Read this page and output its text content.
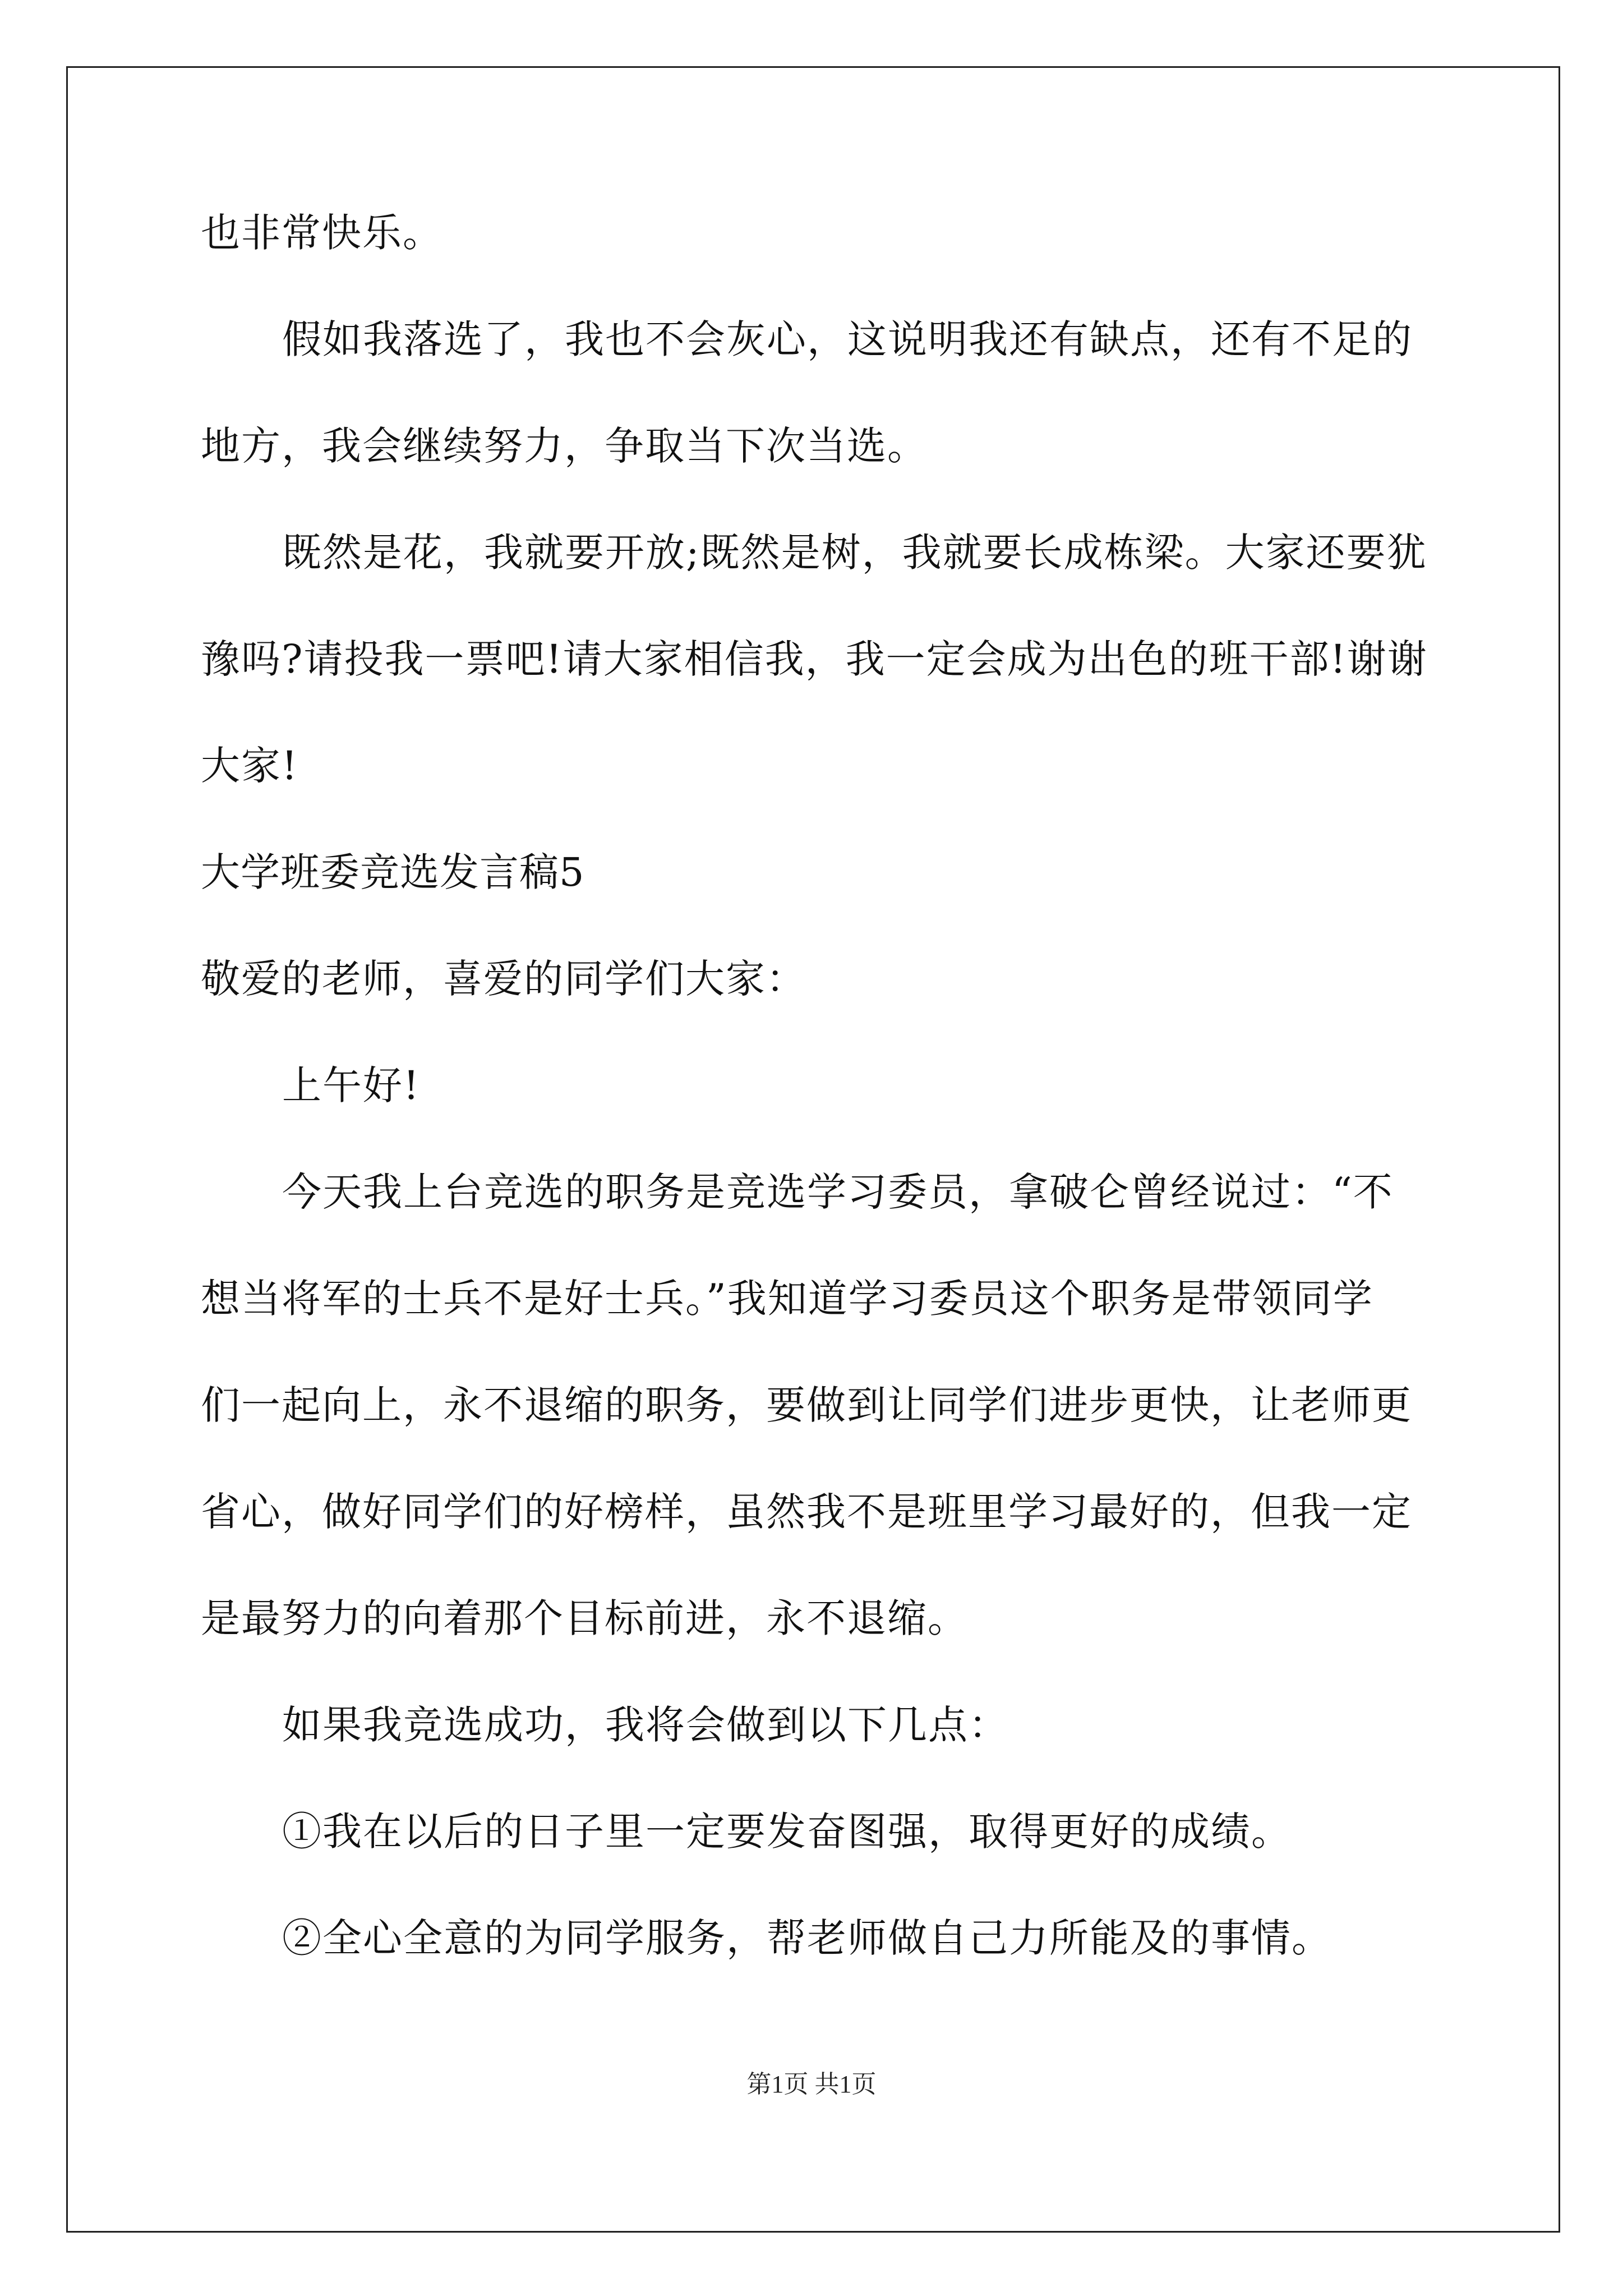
也非常快乐。
假如我落选了，我也不会灰心，这说明我还有缺点，还有不足的
地方，我会继续努力，争取当下次当选。
既然是花，我就要开放;既然是树，我就要长成栋梁。大家还要犹
豫吗?请投我一票吧!请大家相信我，我一定会成为出色的班干部!谢谢
大家!
大学班委竞选发言稿5
敬爱的老师，喜爱的同学们大家：
上午好!
今天我上台竞选的职务是竞选学习委员，拿破仑曾经说过：“不
想当将军的士兵不是好士兵。”我知道学习委员这个职务是带领同学
们一起向上，永不退缩的职务，要做到让同学们进步更快，让老师更
省心，做好同学们的好榜样，虽然我不是班里学习最好的，但我一定
是最努力的向着那个目标前进，永不退缩。
如果我竞选成功，我将会做到以下几点：
①我在以后的日子里一定要发奋图强，取得更好的成绩。
②全心全意的为同学服务，帮老师做自己力所能及的事情。
第1页 共1页
